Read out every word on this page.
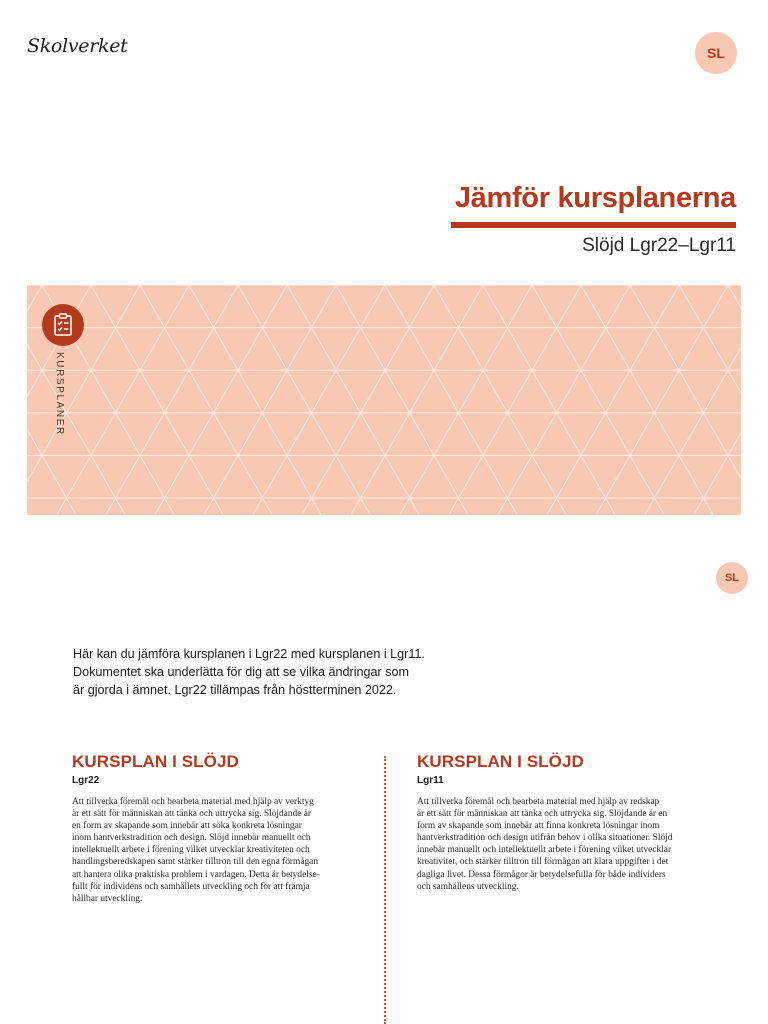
Skolverket	SL
Jämför kursplanerna
Slöjd Lgr22–Lgr11
KURSPLANER
SL
Här kan du jämföra kursplanen i Lgr22 med kursplanen i Lgr11.
Dokumentet ska underlätta för dig att se vilka ändringar som
är gjorda i ämnet. Lgr22 tillämpas från höstterminen 2022.
KURSPLAN I SLÖJD
Lgr22

Att tillverka föremål och bearbeta material med hjälp av verktyg
är ett sätt för människan att tänka och uttrycka sig. Slöjdande är
en form av skapande som innebär att söka konkreta lösningar
inom hantverkstradition och design. Slöjd innebär manuellt och
intellektuellt arbete i förening vilket utvecklar kreativiteten och
handlingsberedskapen samt stärker tilltron till den egna förmågan
att hantera olika praktiska problem i vardagen. Detta är betydelse-
fullt för individens och samhällets utveckling och för att främja
hållbar utveckling.

KURSPLAN I SLÖJD
Lgr11

Att tillverka föremål och bearbeta material med hjälp av redskap
är ett sätt för människan att tänka och uttrycka sig. Slöjdande är en
form av skapande som innebär att finna konkreta lösningar inom
hantverkstradition och design utifrån behov i olika situationer. Slöjd
innebär manuellt och intellektuellt arbete i förening vilket utvecklar
kreativitet, och stärker tilltron till förmågan att klara uppgifter i det
dagliga livet. Dessa förmågor är betydelsefulla för både individers
och samhällens utveckling.
